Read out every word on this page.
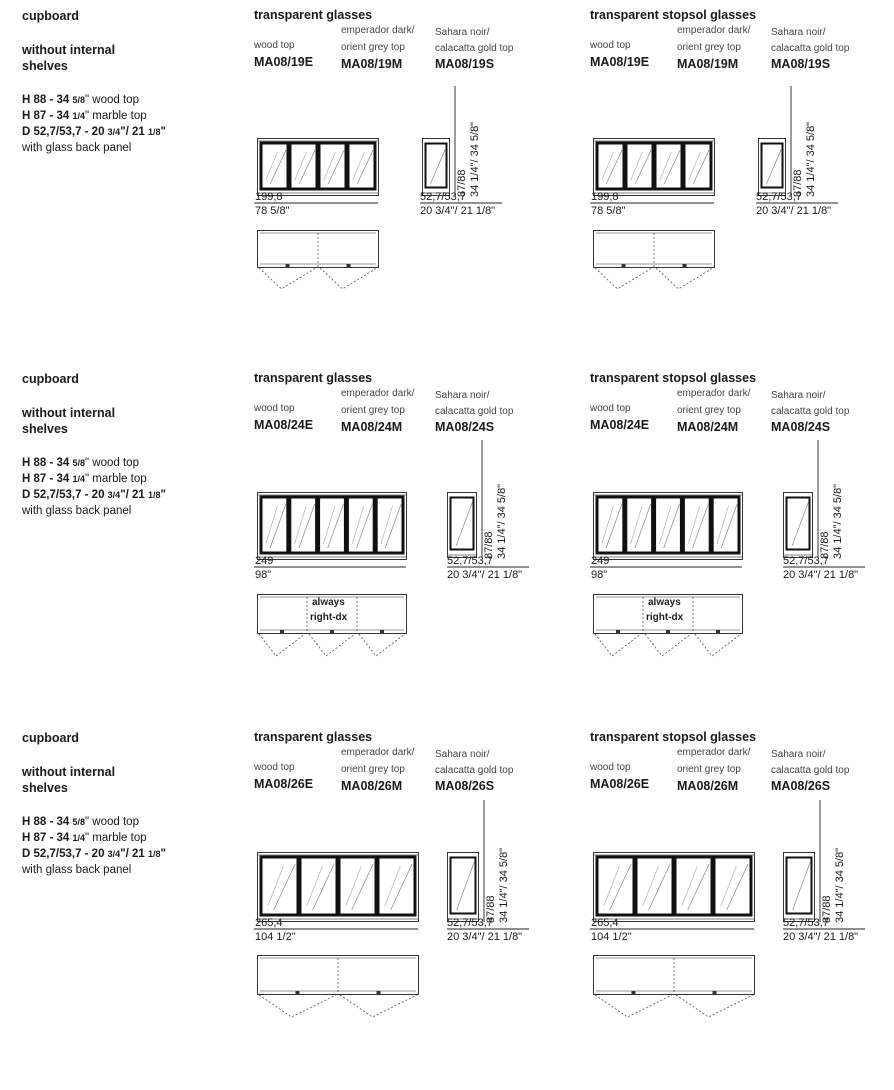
cupboard

without internal

shelves

H 88 - 34 5/8" wood top

H 87 - 34 1/4" marble top

D 52,7/53,7 - 20 3/4"/ 21 1/8"

with glass back panel

transparent glasses
wood top
MA08/19E
emperador dark/
orient grey top
MA08/19M
Sahara noir/
calacatta gold top
MA08/19S
199,8
78 5/8"
52,7/53,7
20 3/4"/ 21 1/8"
87/88 34 1/4"/ 34 5/8"
transparent stopsol glasses
wood top
MA08/19E
emperador dark/
orient grey top
MA08/19M
Sahara noir/
calacatta gold top
MA08/19S
199,8
78 5/8"
52,7/53,7
20 3/4"/ 21 1/8"
87/88 34 1/4"/ 34 5/8"

cupboard

without internal

shelves

H 88 - 34 5/8" wood top

H 87 - 34 1/4" marble top

D 52,7/53,7 - 20 3/4"/ 21 1/8"

with glass back panel

transparent glasses
wood top
MA08/24E
emperador dark/
orient grey top
MA08/24M
Sahara noir/
calacatta gold top
MA08/24S
249
98"
52,7/53,7
20 3/4"/ 21 1/8"
87/88 34 1/4"/ 34 5/8"
always
right-dx
transparent stopsol glasses
wood top
MA08/24E
emperador dark/
orient grey top
MA08/24M
Sahara noir/
calacatta gold top
MA08/24S
249
98"
52,7/53,7
20 3/4"/ 21 1/8"
87/88 34 1/4"/ 34 5/8"
always
right-dx

cupboard

without internal

shelves

H 88 - 34 5/8" wood top

H 87 - 34 1/4" marble top

D 52,7/53,7 - 20 3/4"/ 21 1/8"

with glass back panel

transparent glasses
wood top
MA08/26E
emperador dark/
orient grey top
MA08/26M
Sahara noir/
calacatta gold top
MA08/26S
265,4
104 1/2"
52,7/53,7
20 3/4"/ 21 1/8"
87/88 34 1/4"/ 34 5/8"
transparent stopsol glasses
wood top
MA08/26E
emperador dark/
orient grey top
MA08/26M
Sahara noir/
calacatta gold top
MA08/26S
265,4
104 1/2"
52,7/53,7
20 3/4"/ 21 1/8"
87/88 34 1/4"/ 34 5/8"
